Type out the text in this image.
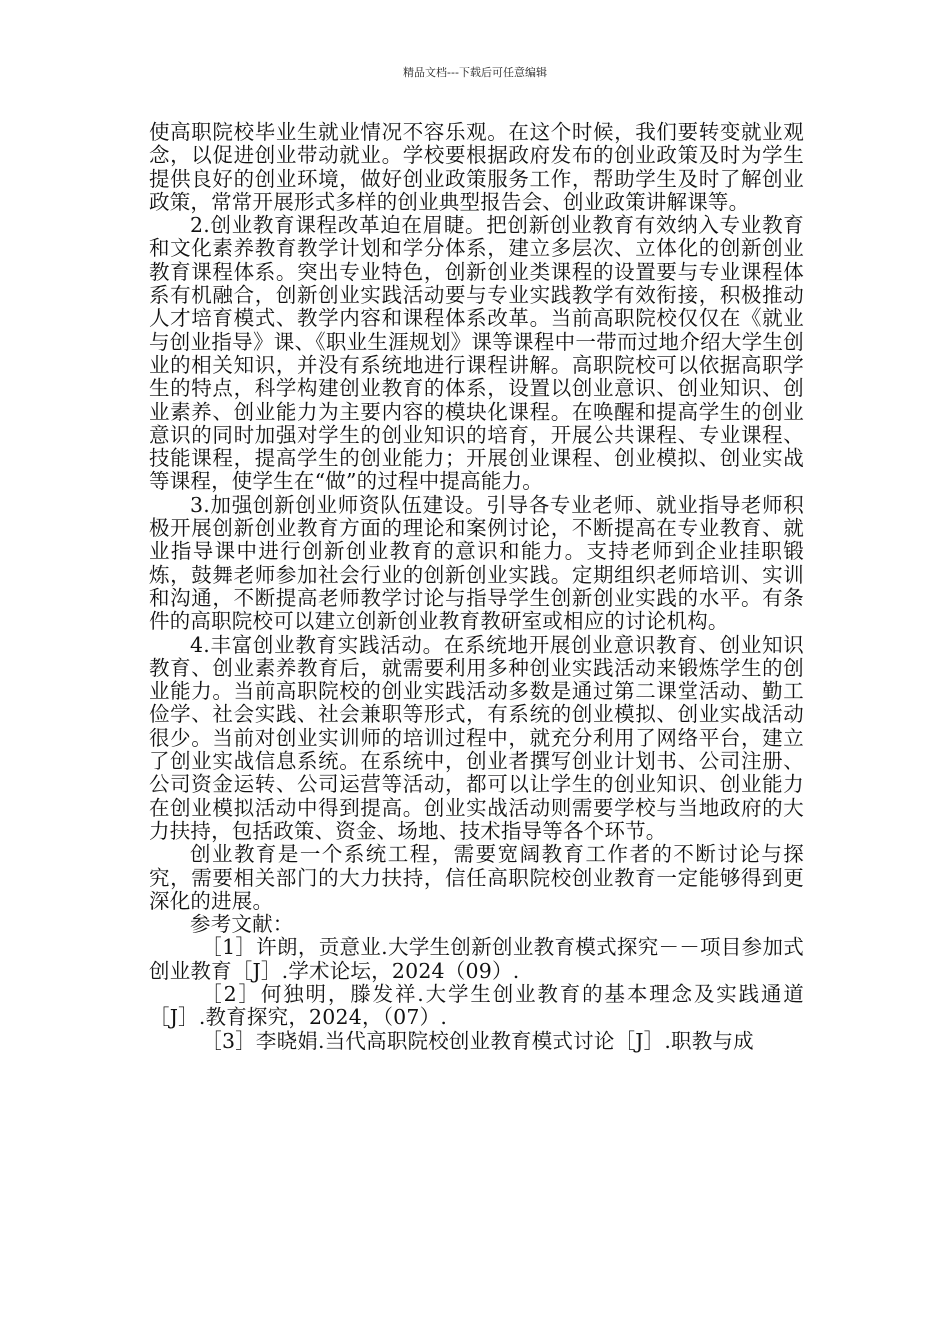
精品文档---下载后可任意编辑

使高职院校毕业生就业情况不容乐观。在这个时候，我们要转变就业观念，以促进创业带动就业。学校要根据政府发布的创业政策及时为学生提供良好的创业环境，做好创业政策服务工作，帮助学生及时了解创业政策，常常开展形式多样的创业典型报告会、创业政策讲解课等。

2.创业教育课程改革迫在眉睫。把创新创业教育有效纳入专业教育和文化素养教育教学计划和学分体系，建立多层次、立体化的创新创业教育课程体系。突出专业特色，创新创业类课程的设置要与专业课程体系有机融合，创新创业实践活动要与专业实践教学有效衔接，积极推动人才培育模式、教学内容和课程体系改革。当前高职院校仅仅在《就业与创业指导》课、《职业生涯规划》课等课程中一带而过地介绍大学生创业的相关知识，并没有系统地进行课程讲解。高职院校可以依据高职学生的特点，科学构建创业教育的体系，设置以创业意识、创业知识、创业素养、创业能力为主要内容的模块化课程。在唤醒和提高学生的创业意识的同时加强对学生的创业知识的培育，开展公共课程、专业课程、技能课程，提高学生的创业能力；开展创业课程、创业模拟、创业实战等课程，使学生在“做”的过程中提高能力。

3.加强创新创业师资队伍建设。引导各专业老师、就业指导老师积极开展创新创业教育方面的理论和案例讨论，不断提高在专业教育、就业指导课中进行创新创业教育的意识和能力。支持老师到企业挂职锻炼，鼓舞老师参加社会行业的创新创业实践。定期组织老师培训、实训和沟通，不断提高老师教学讨论与指导学生创新创业实践的水平。有条件的高职院校可以建立创新创业教育教研室或相应的讨论机构。

4.丰富创业教育实践活动。在系统地开展创业意识教育、创业知识教育、创业素养教育后，就需要利用多种创业实践活动来锻炼学生的创业能力。当前高职院校的创业实践活动多数是通过第二课堂活动、勤工俭学、社会实践、社会兼职等形式，有系统的创业模拟、创业实战活动很少。当前对创业实训师的培训过程中，就充分利用了网络平台，建立了创业实战信息系统。在系统中，创业者撰写创业计划书、公司注册、公司资金运转、公司运营等活动，都可以让学生的创业知识、创业能力在创业模拟活动中得到提高。创业实战活动则需要学校与当地政府的大力扶持，包括政策、资金、场地、技术指导等各个环节。

创业教育是一个系统工程，需要宽阔教育工作者的不断讨论与探究，需要相关部门的大力扶持，信任高职院校创业教育一定能够得到更深化的进展。

参考文献：

［1］许朗，贡意业.大学生创新创业教育模式探究－－项目参加式创业教育［J］.学术论坛，2024（09）.

［2］何独明，滕发祥.大学生创业教育的基本理念及实践通道［J］.教育探究，2024，（07）.

［3］李晓娟.当代高职院校创业教育模式讨论［J］.职教与成
